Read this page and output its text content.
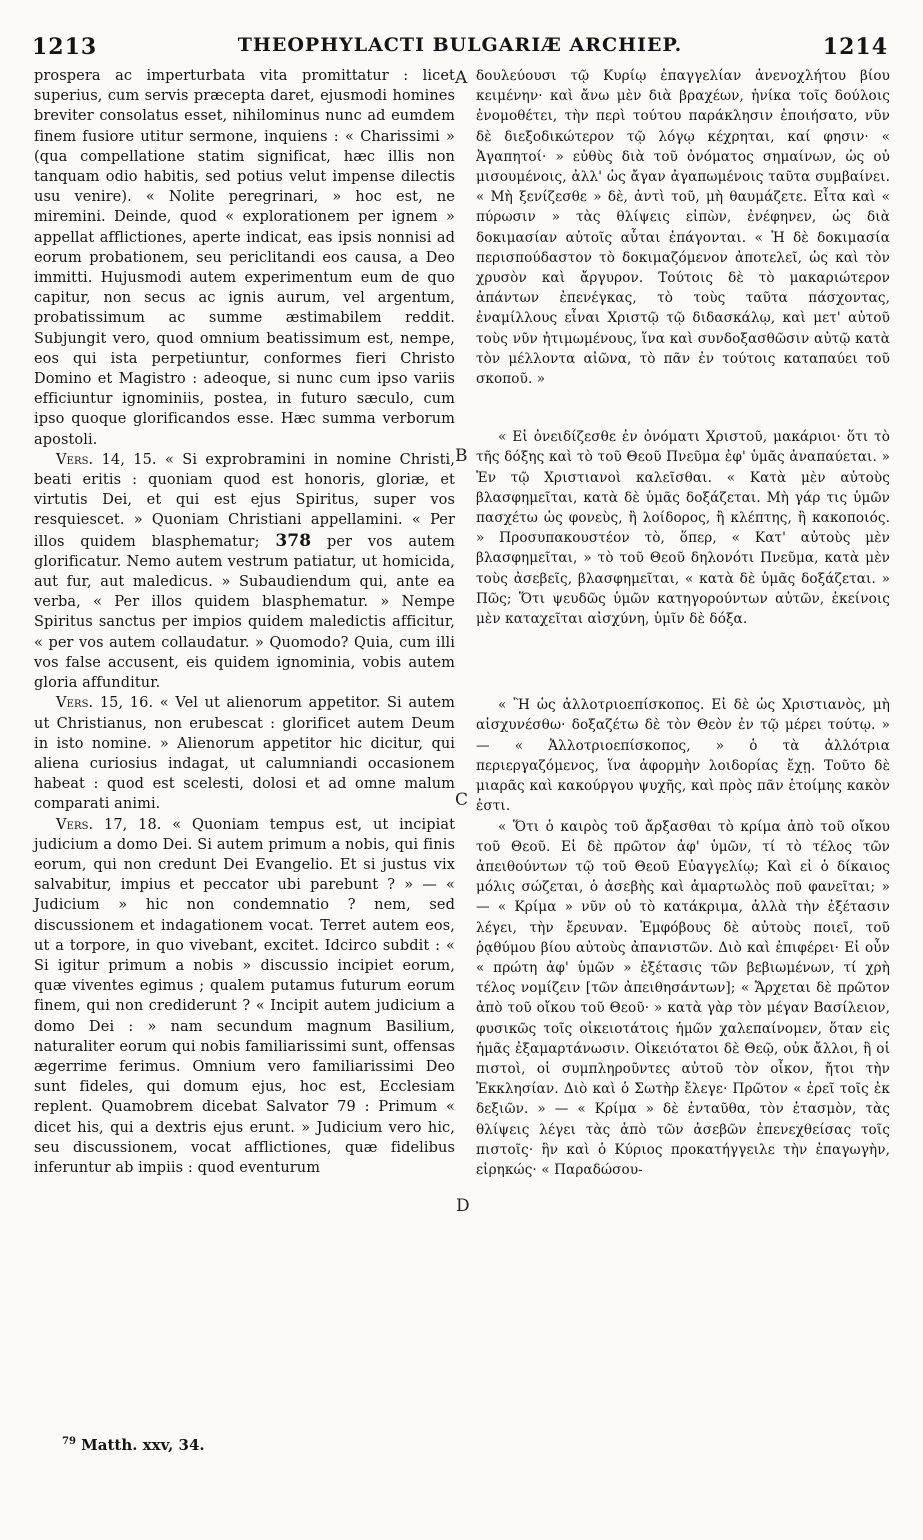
1213	THEOPHYLACTI BULGARIÆ ARCHIEP.	1214

prospera ac imperturbata vita promittatur : licet superius, cum servis præcepta daret, ejusmodi homines breviter consolatus esset, nihilominus nunc ad eumdem finem fusiore utitur sermone, inquiens : « Charissimi » (qua compellatione statim significat, hæc illis non tanquam odio habitis, sed potius velut impense dilectis usu venire). « Nolite peregrinari, » hoc est, ne miremini. Deinde, quod « explorationem per ignem » appellat afflictiones, aperte indicat, eas ipsis nonnisi ad eorum probationem, seu periclitandi eos causa, a Deo immitti. Hujusmodi autem experimentum eum de quo capitur, non secus ac ignis aurum, vel argentum, probatissimum ac summe æstimabilem reddit. Subjungit vero, quod omnium beatissimum est, nempe, eos qui ista perpetiuntur, conformes fieri Christo Domino et Magistro : adeoque, si nunc cum ipso variis efficiuntur ignominiis, postea, in futuro sæculo, cum ipso quoque glorificandos esse. Hæc summa verborum apostoli.

Vers. 14, 15. « Si exprobramini in nomine Christi, beati eritis : quoniam quod est honoris, gloriæ, et virtutis Dei, et qui est ejus Spiritus, super vos resquiescet. » Quoniam Christiani appellamini. « Per illos quidem blasphematur; 378 per vos autem glorificatur. Nemo autem vestrum patiatur, ut homicida, aut fur, aut maledicus. » Subaudiendum qui, ante ea verba, « Per illos quidem blasphematur. » Nempe Spiritus sanctus per impios quidem maledictis afficitur, « per vos autem collaudatur. » Quomodo? Quia, cum illi vos false accusent, eis quidem ignominia, vobis autem gloria affunditur.

Vers. 15, 16. « Vel ut alienorum appetitor. Si autem ut Christianus, non erubescat : glorificet autem Deum in isto nomine. » Alienorum appetitor hic dicitur, qui aliena curiosius indagat, ut calumniandi occasionem habeat : quod est scelesti, dolosi et ad omne malum comparati animi.

Vers. 17, 18. « Quoniam tempus est, ut incipiat judicium a domo Dei. Si autem primum a nobis, qui finis eorum, qui non credunt Dei Evangelio. Et si justus vix salvabitur, impius et peccator ubi parebunt ? » — « Judicium » hic non condemnatio ? nem, sed discussionem et indagationem vocat. Terret autem eos, ut a torpore, in quo vivebant, excitet. Idcirco subdit : « Si igitur primum a nobis » discussio incipiet eorum, quæ viventes egimus ; qualem putamus futurum eorum finem, qui non crediderunt ? « Incipit autem judicium a domo Dei : » nam secundum magnum Basilium, naturaliter eorum qui nobis familiarissimi sunt, offensas ægerrime ferimus. Omnium vero familiarissimi Deo sunt fideles, qui domum ejus, hoc est, Ecclesiam replent. Quamobrem dicebat Salvator 79 : Primum « dicet his, qui a dextris ejus erunt. » Judicium vero hic, seu discussionem, vocat afflictiones, quæ fidelibus inferuntur ab impiis : quod eventurum

A
B
C
D

δουλεύουσι τῷ Κυρίῳ ἐπαγγελίαν ἀνενοχλήτου βίου κειμένην· καὶ ἄνω μὲν διὰ βραχέων, ἡνίκα τοῖς δούλοις ἐνομοθέτει, τὴν περὶ τούτου παράκλησιν ἐποιήσατο, νῦν δὲ διεξοδικώτερον τῷ λόγῳ κέχρηται, καί φησιν· « Ἀγαπητοί· » εὐθὺς διὰ τοῦ ὀνόματος σημαίνων, ὡς οὐ μισουμένοις, ἀλλ' ὡς ἄγαν ἀγαπωμένοις ταῦτα συμβαίνει. « Μὴ ξενίζεσθε » δὲ, ἀντὶ τοῦ, μὴ θαυμάζετε. Εἶτα καὶ « πύρωσιν » τὰς θλίψεις εἰπὼν, ἐνέφηνεν, ὡς διὰ δοκιμασίαν αὐτοῖς αὗται ἐπάγονται. « Ἡ δὲ δοκιμασία περισπούδαστον τὸ δοκιμαζόμενον ἀποτελεῖ, ὡς καὶ τὸν χρυσὸν καὶ ἄργυρον. Τούτοις δὲ τὸ μακαριώτερον ἁπάντων ἐπενέγκας, τὸ τοὺς ταῦτα πάσχοντας, ἐναμίλλους εἶναι Χριστῷ τῷ διδασκάλῳ, καὶ μετ' αὐτοῦ τοὺς νῦν ἠτιμωμένους, ἵνα καὶ συνδοξασθῶσιν αὐτῷ κατὰ τὸν μέλλοντα αἰῶνα, τὸ πᾶν ἐν τούτοις καταπαύει τοῦ σκοποῦ. »

« Εἰ ὀνειδίζεσθε ἐν ὀνόματι Χριστοῦ, μακάριοι· ὅτι τὸ τῆς δόξης καὶ τὸ τοῦ Θεοῦ Πνεῦμα ἐφ' ὑμᾶς ἀναπαύεται. » Ἐν τῷ Χριστιανοὶ καλεῖσθαι. « Κατὰ μὲν αὐτοὺς βλασφημεῖται, κατὰ δὲ ὑμᾶς δοξάζεται. Μὴ γάρ τις ὑμῶν πασχέτω ὡς φονεὺς, ἢ λοίδορος, ἢ κλέπτης, ἢ κακοποιός. » Προσυπακουστέον τὸ, ὅπερ, « Κατ' αὐτοὺς μὲν βλασφημεῖται, » τὸ τοῦ Θεοῦ δηλονότι Πνεῦμα, κατὰ μὲν τοὺς ἀσεβεῖς, βλασφημεῖται, « κατὰ δὲ ὑμᾶς δοξάζεται. » Πῶς; Ὅτι ψευδῶς ὑμῶν κατηγορούντων αὐτῶν, ἐκείνοις μὲν καταχεῖται αἰσχύνη, ὑμῖν δὲ δόξα.

« Ἢ ὡς ἀλλοτριοεπίσκοπος. Εἰ δὲ ὡς Χριστιανὸς, μὴ αἰσχυνέσθω· δοξαζέτω δὲ τὸν Θεὸν ἐν τῷ μέρει τούτῳ. » — « Ἀλλοτριοεπίσκοπος, » ὁ τὰ ἀλλότρια περιεργαζόμενος, ἵνα ἀφορμὴν λοιδορίας ἔχῃ. Τοῦτο δὲ μιαρᾶς καὶ κακούργου ψυχῆς, καὶ πρὸς πᾶν ἑτοίμης κακὸν ἐστι.

« Ὅτι ὁ καιρὸς τοῦ ἄρξασθαι τὸ κρίμα ἀπὸ τοῦ οἴκου τοῦ Θεοῦ. Εἰ δὲ πρῶτον ἀφ' ὑμῶν, τί τὸ τέλος τῶν ἀπειθούντων τῷ τοῦ Θεοῦ Εὐαγγελίῳ; Καὶ εἰ ὁ δίκαιος μόλις σώζεται, ὁ ἀσεβὴς καὶ ἁμαρτωλὸς ποῦ φανεῖται; » — « Κρίμα » νῦν οὐ τὸ κατάκριμα, ἀλλὰ τὴν ἐξέτασιν λέγει, τὴν ἔρευναν. Ἐμφόβους δὲ αὐτοὺς ποιεῖ, τοῦ ῥᾳθύμου βίου αὐτοὺς ἀπανιστῶν. Διὸ καὶ ἐπιφέρει· Εἰ οὖν « πρώτη ἀφ' ὑμῶν » ἐξέτασις τῶν βεβιωμένων, τί χρὴ τέλος νομίζειν [τῶν ἀπειθησάντων]; « Ἄρχεται δὲ πρῶτον ἀπὸ τοῦ οἴκου τοῦ Θεοῦ· » κατὰ γὰρ τὸν μέγαν Βασίλειον, φυσικῶς τοῖς οἰκειοτάτοις ἡμῶν χαλεπαίνομεν, ὅταν εἰς ἡμᾶς ἐξαμαρτάνωσιν. Οἰκειότατοι δὲ Θεῷ, οὐκ ἄλλοι, ἢ οἱ πιστοὶ, οἱ συμπληροῦντες αὐτοῦ τὸν οἶκον, ἤτοι τὴν Ἐκκλησίαν. Διὸ καὶ ὁ Σωτὴρ ἔλεγε· Πρῶτον « ἐρεῖ τοῖς ἐκ δεξιῶν. » — « Κρίμα » δὲ ἐνταῦθα, τὸν ἐτασμὸν, τὰς θλίψεις λέγει τὰς ἀπὸ τῶν ἀσεβῶν ἐπενεχθείσας τοῖς πιστοῖς· ἣν καὶ ὁ Κύριος προκατήγγειλε τὴν ἐπαγωγὴν, εἰρηκώς· « Παραδώσου-

$^{79}$ Matth. xxv, 34.
